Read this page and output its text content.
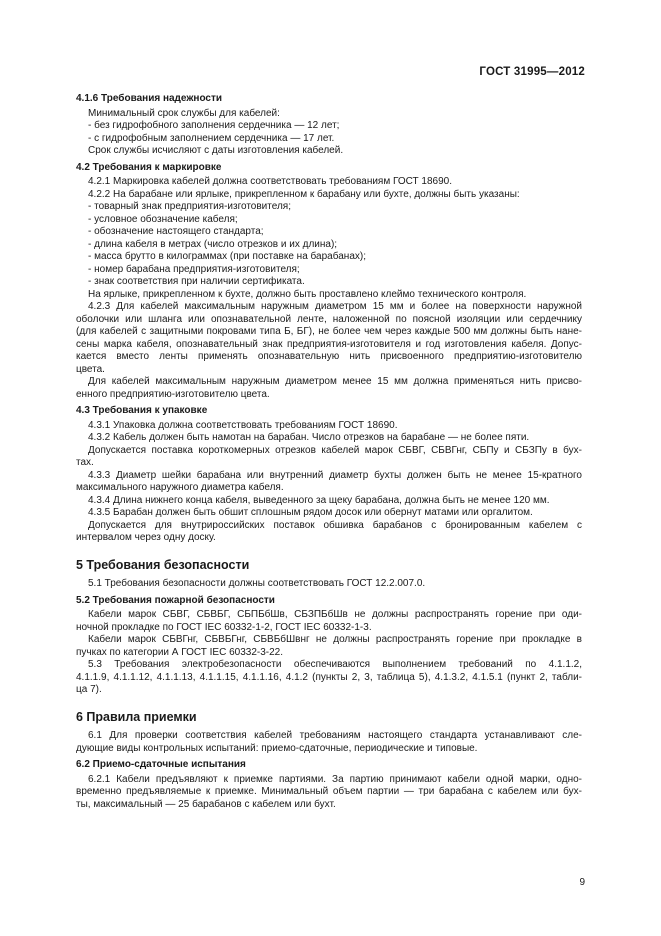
ГОСТ 31995—2012

4.1.6 Требования надежности

Минимальный срок службы для кабелей:

- без гидрофобного заполнения сердечника — 12 лет;

- с гидрофобным заполнением сердечника — 17 лет.

Срок службы исчисляют с даты изготовления кабелей.

4.2 Требования к маркировке

4.2.1 Маркировка кабелей должна соответствовать требованиям ГОСТ 18690.

4.2.2 На барабане или ярлыке, прикрепленном к барабану или бухте, должны быть указаны:

- товарный знак предприятия-изготовителя;

- условное обозначение кабеля;

- обозначение настоящего стандарта;

- длина кабеля в метрах (число отрезков и их длина);

- масса брутто в килограммах (при поставке на барабанах);

- номер барабана предприятия-изготовителя;

- знак соответствия при наличии сертификата.

На ярлыке, прикрепленном к бухте, должно быть проставлено клеймо технического контроля.

4.2.3 Для кабелей максимальным наружным диаметром 15 мм и более на поверхности наружной

оболочки или шланга или опознавательной ленте, наложенной по поясной изоляции или сердечнику

(для кабелей с защитными покровами типа Б, БГ), не более чем через каждые 500 мм должны быть нане-

сены марка кабеля, опознавательный знак предприятия-изготовителя и год изготовления кабеля. Допус-

кается вместо ленты применять опознавательную нить присвоенного предприятию-изготовителю

цвета.

Для кабелей максимальным наружным диаметром менее 15 мм должна применяться нить присво-

енного предприятию-изготовителю цвета.

4.3 Требования к упаковке

4.3.1 Упаковка должна соответствовать требованиям ГОСТ 18690.

4.3.2 Кабель должен быть намотан на барабан. Число отрезков на барабане — не более пяти.

Допускается поставка короткомерных отрезков кабелей марок СБВГ, СБВГнг, СБПу и СБЗПу в бух-

тах.

4.3.3 Диаметр шейки барабана или внутренний диаметр бухты должен быть не менее 15-кратного

максимального наружного диаметра кабеля.

4.3.4 Длина нижнего конца кабеля, выведенного за щеку барабана, должна быть не менее 120 мм.

4.3.5 Барабан должен быть обшит сплошным рядом досок или обернут матами или оргалитом.

Допускается для внутрироссийских поставок обшивка барабанов с бронированным кабелем с

интервалом через одну доску.

5 Требования безопасности

5.1 Требования безопасности должны соответствовать ГОСТ 12.2.007.0.

5.2 Требования пожарной безопасности

Кабели марок СБВГ, СБВБГ, СБПБбШв, СБЗПБбШв не должны распространять горение при оди-

ночной прокладке по ГОСТ IEC 60332-1-2, ГОСТ IEC 60332-1-3.

Кабели марок СБВГнг, СБВБГнг, СБВБбШвнг не должны распространять горение при прокладке в

пучках по категории А ГОСТ IEC 60332-3-22.

5.3 Требования электробезопасности обеспечиваются выполнением требований по 4.1.1.2,

4.1.1.9, 4.1.1.12, 4.1.1.13, 4.1.1.15, 4.1.1.16, 4.1.2 (пункты 2, 3, таблица 5), 4.1.3.2, 4.1.5.1 (пункт 2, табли-

ца 7).

6 Правила приемки

6.1 Для проверки соответствия кабелей требованиям настоящего стандарта устанавливают сле-

дующие виды контрольных испытаний: приемо-сдаточные, периодические и типовые.

6.2 Приемо-сдаточные испытания

6.2.1 Кабели предъявляют к приемке партиями. За партию принимают кабели одной марки, одно-

временно предъявляемые к приемке. Минимальный объем партии — три барабана с кабелем или бух-

ты, максимальный — 25 барабанов с кабелем или бухт.

9
